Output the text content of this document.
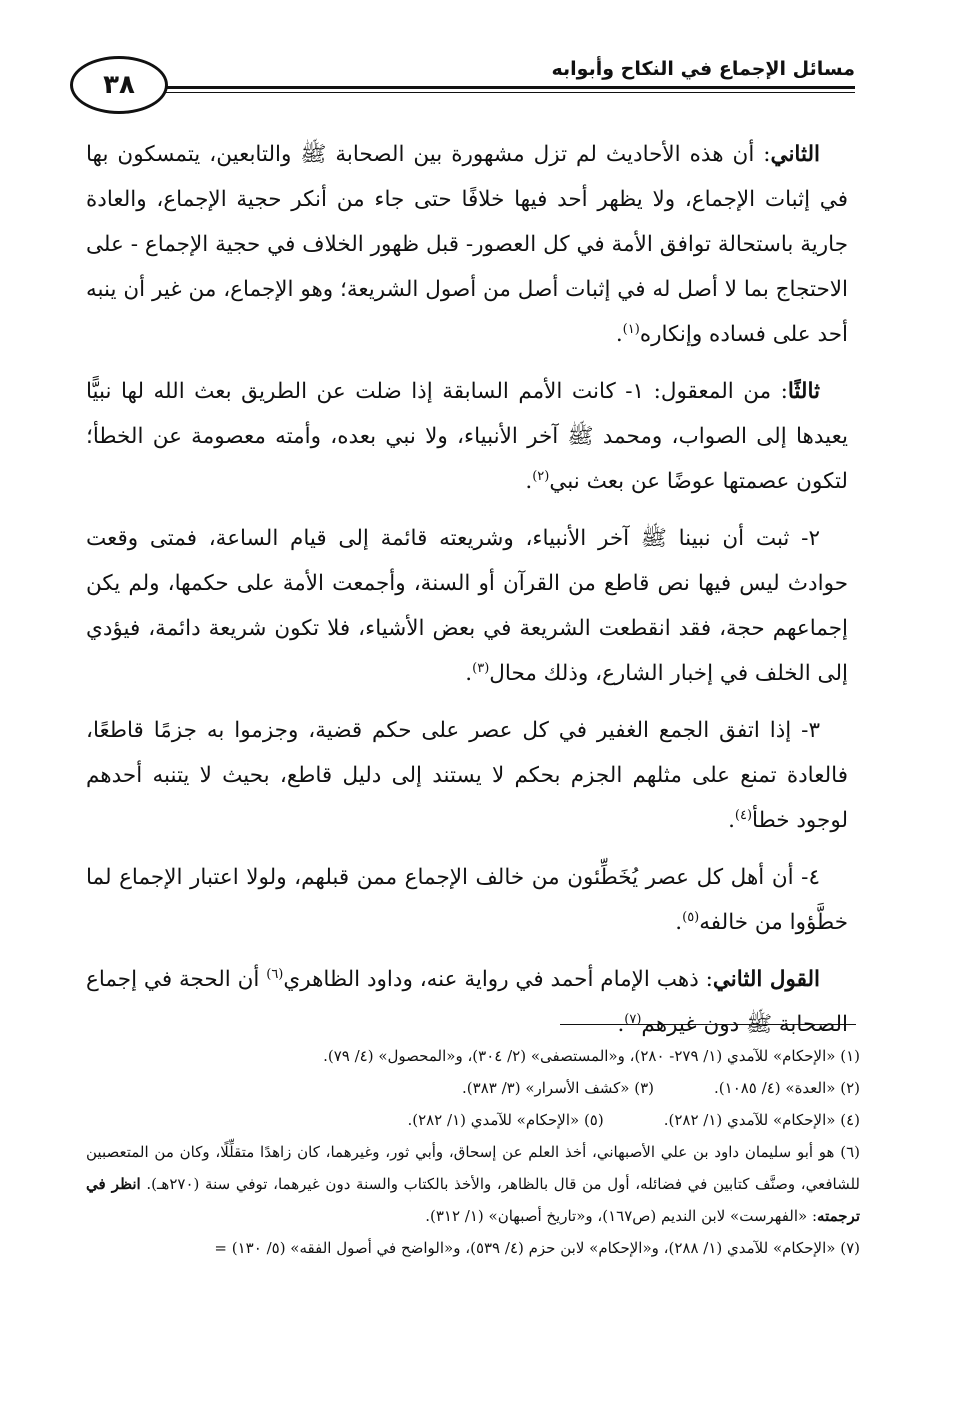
مسائل الإجماع في النكاح وأبوابه
٣٨

الثاني: أن هذه الأحاديث لم تزل مشهورة بين الصحابة ﷺ والتابعين، يتمسكون بها في إثبات الإجماع، ولا يظهر أحد فيها خلافًا حتى جاء من أنكر حجية الإجماع، والعادة جارية باستحالة توافق الأمة في كل العصور- قبل ظهور الخلاف في حجية الإجماع - على الاحتجاج بما لا أصل له في إثبات أصل من أصول الشريعة؛ وهو الإجماع، من غير أن ينبه أحد على فساده وإنكاره$^{(١)}$.

ثالثًا: من المعقول: ١- كانت الأمم السابقة إذا ضلت عن الطريق بعث الله لها نبيًّا يعيدها إلى الصواب، ومحمد ﷺ آخر الأنبياء، ولا نبي بعده، وأمته معصومة عن الخطأ؛ لتكون عصمتها عوضًا عن بعث نبي$^{(٢)}$.

٢- ثبت أن نبينا ﷺ آخر الأنبياء، وشريعته قائمة إلى قيام الساعة، فمتى وقعت حوادث ليس فيها نص قاطع من القرآن أو السنة، وأجمعت الأمة على حكمها، ولم يكن إجماعهم حجة، فقد انقطعت الشريعة في بعض الأشياء، فلا تكون شريعة دائمة، فيؤدي إلى الخلف في إخبار الشارع، وذلك محال$^{(٣)}$.

٣- إذا اتفق الجمع الغفير في كل عصر على حكم قضية، وجزموا به جزمًا قاطعًا، فالعادة تمنع على مثلهم الجزم بحكم لا يستند إلى دليل قاطع، بحيث لا يتنبه أحدهم لوجود خطأ$^{(٤)}$.

٤- أن أهل كل عصر يُخَطِّئون من خالف الإجماع ممن قبلهم، ولولا اعتبار الإجماع لما خطَّؤوا من خالفه$^{(٥)}$.

القول الثاني: ذهب الإمام أحمد في رواية عنه، وداود الظاهري$^{(٦)}$ أن الحجة في إجماع الصحابة ﷺ دون غيرهم$^{(٧)}$.

(١) «الإحكام» للآمدي (١/ ٢٧٩- ٢٨٠)، و«المستصفى» (٢/ ٣٠٤)، و«المحصول» (٤/ ٧٩).

(٢) «العدة» (٤/ ١٠٨٥).

(٣) «كشف الأسرار» (٣/ ٣٨٣).

(٤) «الإحكام» للآمدي (١/ ٢٨٢).

(٥) «الإحكام» للآمدي (١/ ٢٨٢).

(٦) هو أبو سليمان داود بن علي الأصبهاني، أخذ العلم عن إسحاق، وأبي ثور، وغيرهما، كان زاهدًا متقلِّلًا، وكان من المتعصبين للشافعي، وصنَّف كتابين في فضائله، أول من قال بالظاهر، والأخذ بالكتاب والسنة دون غيرهما، توفي سنة (٢٧٠هـ). انظر في ترجمته: «الفهرست» لابن النديم (ص١٦٧)، و«تاريخ أصبهان» (١/ ٣١٢).

(٧) «الإحكام» للآمدي (١/ ٢٨٨)، و«الإحكام» لابن حزم (٤/ ٥٣٩)، و«الواضح في أصول الفقه» (٥/ ١٣٠) =
